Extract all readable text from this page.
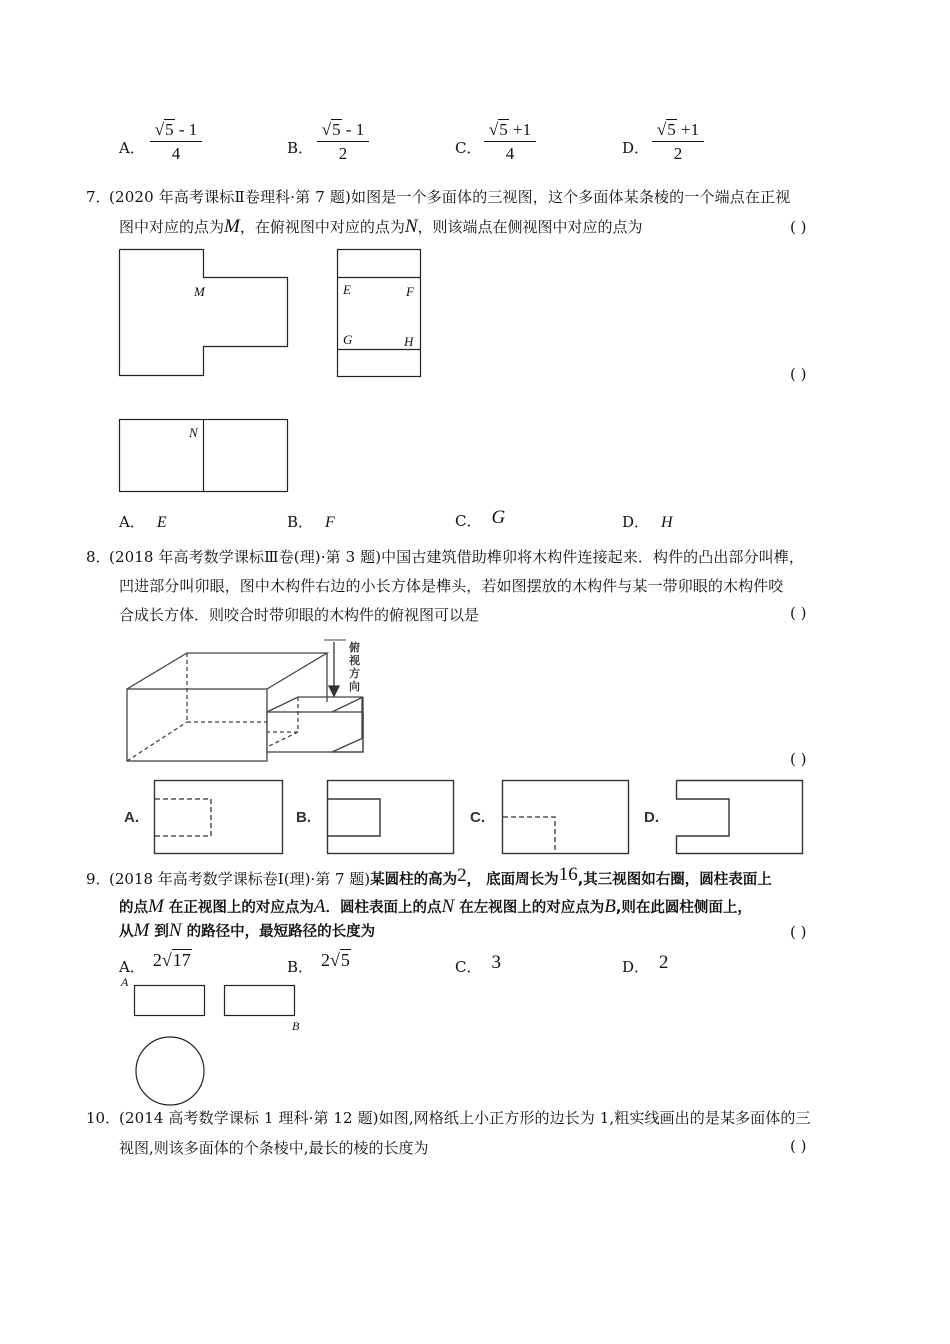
A． $\frac{√5 - 1}{4}$	B． $\frac{√5 - 1}{2}$	C． $\frac{√5 +1}{4}$	D． $\frac{√5 +1}{2}$
7．
(2020 年高考课标Ⅱ卷理科·第 7 题)如图是一个多面体的三视图，这个多面体某条棱的一个端点在正视
图中对应的点为M，在俯视图中对应的点为N，则该端点在侧视图中对应的点为	( )
M	E	F
G	H
( )
N
A． E	B． F	C． G	D． H
8．
(2018 年高考数学课标Ⅲ卷(理)·第 3 题)中国古建筑借助榫卯将木构件连接起来．构件的凸出部分叫榫，
凹进部分叫卯眼，图中木构件右边的小长方体是榫头，若如图摆放的木构件与某一带卯眼的木构件咬
合成长方体．则咬合时带卯眼的木构件的俯视图可以是	( )
俯
视
方
向
( )
A.	B.	C.	D.
9．
(2018 年高考数学课标卷Ⅰ(理)·第 7 题)某圆柱的高为2， 底面周长为16,其三视图如右圈，圆柱表面上
的点M 在正视图上的对应点为A．圆柱表面上的点N 在左视图上的对应点为B,则在此圆柱侧面上，
从M 到N 的路径中，最短路径的长度为	( )
A． 2√17	B． 2√5	C． 3	D． 2
A
B
10．
(2014 高考数学课标 1 理科·第 12 题)如图,网格纸上小正方形的边长为 1,粗实线画出的是某多面体的三
视图,则该多面体的个条棱中,最长的棱的长度为	( )
